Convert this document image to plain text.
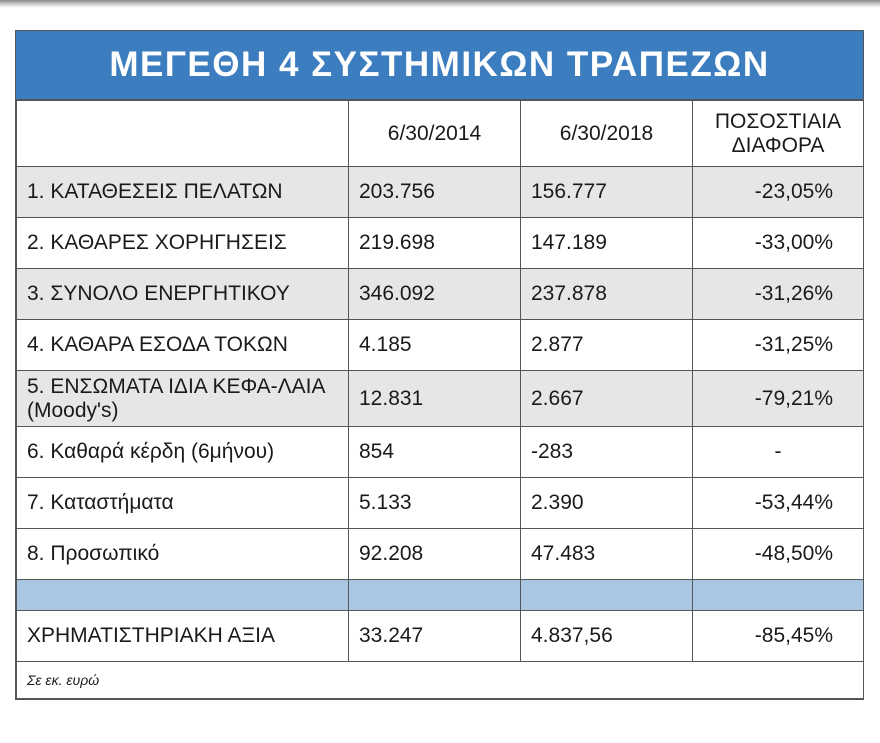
ΜΕΓΕΘΗ 4 ΣΥΣΤΗΜΙΚΩΝ ΤΡΑΠΕΖΩΝ
	6/30/2014	6/30/2018	ΠΟΣΟΣΤΙΑΙΑ ΔΙΑΦΟΡΑ
1. ΚΑΤΑΘΕΣΕΙΣ ΠΕΛΑΤΩΝ	203.756	156.777	-23,05%
2. ΚΑΘΑΡΕΣ ΧΟΡΗΓΗΣΕΙΣ	219.698	147.189	-33,00%
3. ΣΥΝΟΛΟ ΕΝΕΡΓΗΤΙΚΟΥ	346.092	237.878	-31,26%
4. ΚΑΘΑΡΑ ΕΣΟΔΑ ΤΟΚΩΝ	4.185	2.877	-31,25%
5. ΕΝΣΩΜΑΤΑ ΙΔΙΑ ΚΕΦΑ-ΛΑΙΑ (Moody's)	12.831	2.667	-79,21%
6. Καθαρά κέρδη (6μήνου)	854	-283	-
7. Καταστήματα	5.133	2.390	-53,44%
8. Προσωπικό	92.208	47.483	-48,50%

ΧΡΗΜΑΤΙΣΤΗΡΙΑΚΗ ΑΞΙΑ	33.247	4.837,56	-85,45%
Σε εκ. ευρώ			
